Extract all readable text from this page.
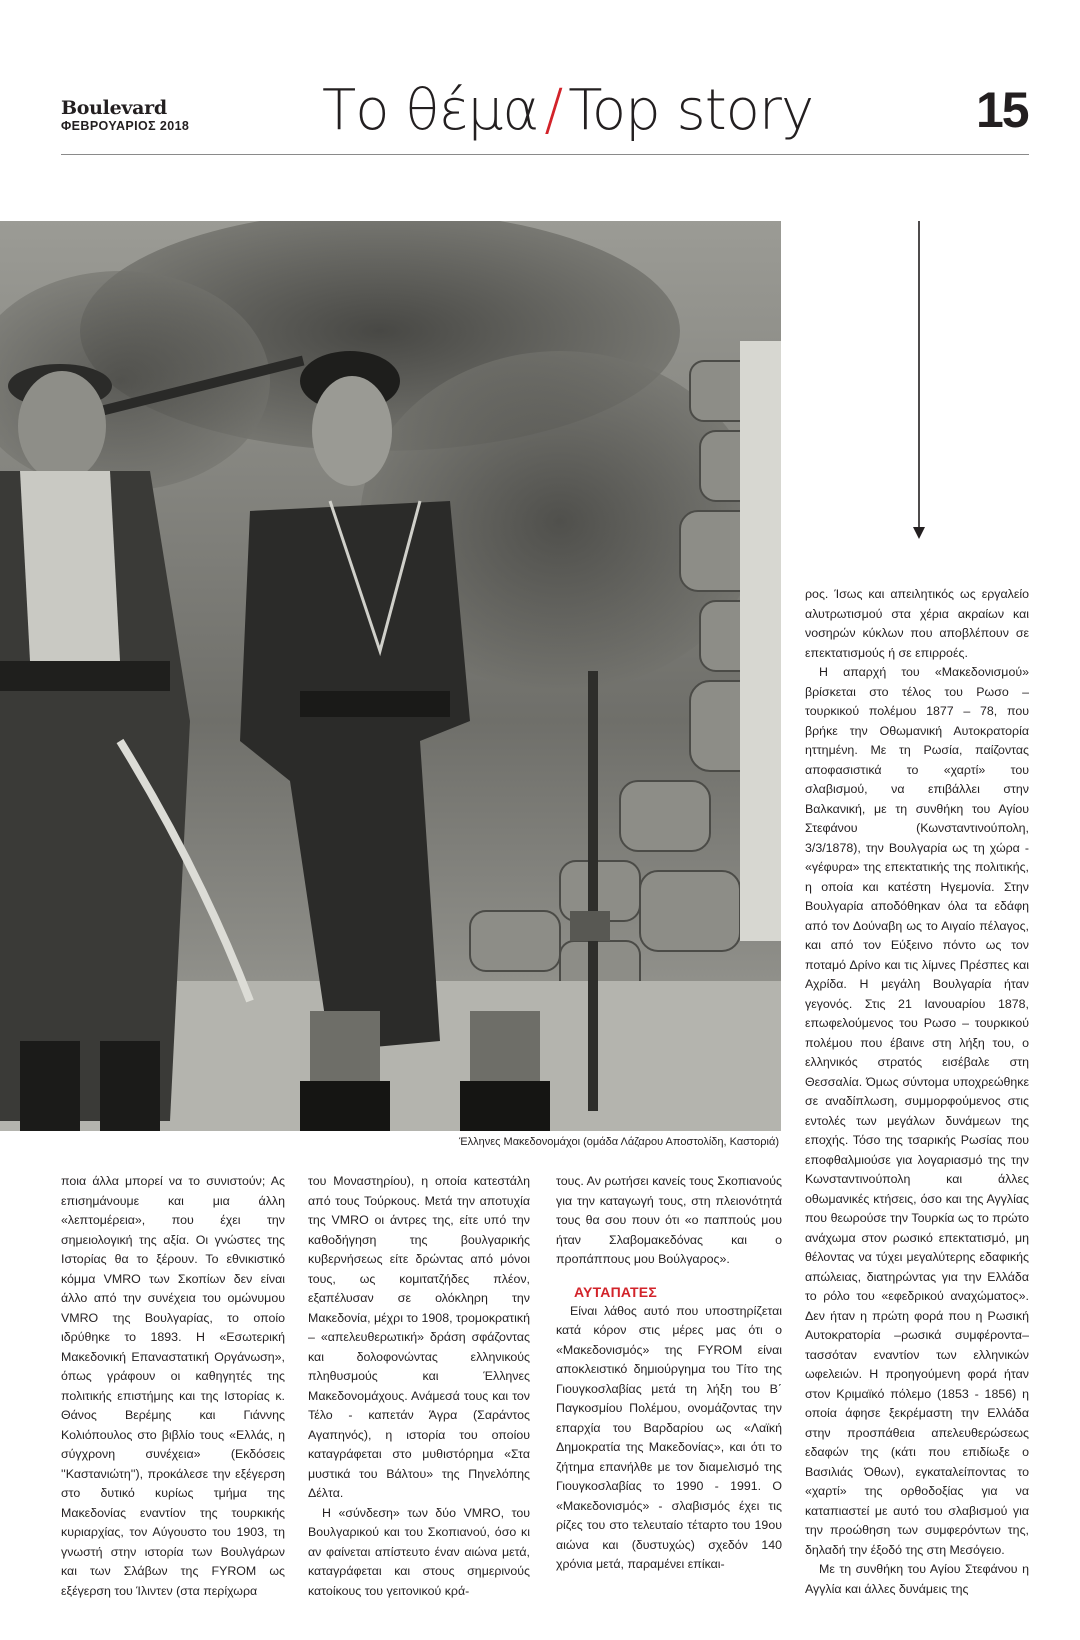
Boulevard
ΦΕΒΡΟΥΑΡΙΟΣ 2018	Το θέμα / Top story	15
Έλληνες Μακεδονομάχοι (ομάδα Λάζαρου Αποστολίδη, Καστοριά)

ποια άλλα μπορεί να το συνιστούν; Ας επισημάνουμε και μια άλλη «λεπτομέρεια», που έχει την σημειολογική της αξία. Οι γνώστες της Ιστορίας θα το ξέρουν. Το εθνικιστικό κόμμα VMRO των Σκοπίων δεν είναι άλλο από την συνέχεια του ομώνυμου VMRO της Βουλγαρίας, το οποίο ιδρύθηκε το 1893. Η «Εσωτερική Μακεδονική Επαναστατική Οργάνωση», όπως γράφουν οι καθηγητές της πολιτικής επιστήμης και της Ιστορίας κ. Θάνος Βερέμης και Γιάννης Κολιόπουλος στο βιβλίο τους «Ελλάς, η σύγχρονη συνέχεια» (Εκδόσεις ''Καστανιώτη''), προκάλεσε την εξέγερση στο δυτικό κυρίως τμήμα της Μακεδονίας εναντίον της τουρκικής κυριαρχίας, τον Αύγουστο του 1903, τη γνωστή στην ιστορία των Βουλγάρων και των Σλάβων της FYROM ως εξέγερση του Ίλιντεν (στα περίχωρα

του Μοναστηρίου), η οποία κατεστάλη από τους Τούρκους. Μετά την αποτυχία της VMRO οι άντρες της, είτε υπό την καθοδήγηση της βουλγαρικής κυβερνήσεως είτε δρώντας από μόνοι τους, ως κομιτατζήδες πλέον, εξαπέλυσαν σε ολόκληρη την Μακεδονία, μέχρι το 1908, τρομοκρατική – «απελευθερωτική» δράση σφάζοντας και δολοφονώντας ελληνικούς πληθυσμούς και Έλληνες Μακεδονομάχους. Ανάμεσά τους και τον Τέλο - καπετάν Άγρα (Σαράντος Αγαπηνός), η ιστορία του οποίου καταγράφεται στο μυθιστόρημα «Στα μυστικά του Βάλτου» της Πηνελόπης Δέλτα.

Η «σύνδεση» των δύο VMRO, του Βουλγαρικού και του Σκοπιανού, όσο κι αν φαίνεται απίστευτο έναν αιώνα μετά, καταγράφεται και στους σημερινούς κατοίκους του γειτονικού κρά-

τους. Αν ρωτήσει κανείς τους Σκοπιανούς για την καταγωγή τους, στη πλειονότητά τους θα σου πουν ότι «ο παππούς μου ήταν Σλαβομακεδόνας και ο προπάππους μου Βούλγαρος».

ΑΥΤΑΠΑΤΕΣ

Είναι λάθος αυτό που υποστηρίζεται κατά κόρον στις μέρες μας ότι ο «Μακεδονισμός» της FYROM είναι αποκλειστικό δημιούργημα του Τίτο της Γιουγκοσλαβίας μετά τη λήξη του Β΄ Παγκοσμίου Πολέμου, ονομάζοντας την επαρχία του Βαρδαρίου ως «Λαϊκή Δημοκρατία της Μακεδονίας», και ότι το ζήτημα επανήλθε με τον διαμελισμό της Γιουγκοσλαβίας το 1990 - 1991. Ο «Μακεδονισμός» - σλαβισμός έχει τις ρίζες του στο τελευταίο τέταρτο του 19ου αιώνα και (δυστυχώς) σχεδόν 140 χρόνια μετά, παραμένει επίκαι-

ρος. Ίσως και απειλητικός ως εργαλείο αλυτρωτισμού στα χέρια ακραίων και νοσηρών κύκλων που αποβλέπουν σε επεκτατισμούς ή σε επιρροές.

Η απαρχή του «Μακεδονισμού» βρίσκεται στο τέλος του Ρωσο – τουρκικού πολέμου 1877 – 78, που βρήκε την Οθωμανική Αυτοκρατορία ηττημένη. Με τη Ρωσία, παίζοντας αποφασιστικά το «χαρτί» του σλαβισμού, να επιβάλλει στην Βαλκανική, με τη συνθήκη του Αγίου Στεφάνου (Κωνσταντινούπολη, 3/3/1878), την Βουλγαρία ως τη χώρα - «γέφυρα» της επεκτατικής της πολιτικής, η οποία και κατέστη Ηγεμονία. Στην Βουλγαρία αποδόθηκαν όλα τα εδάφη από τον Δούναβη ως το Αιγαίο πέλαγος, και από τον Εύξεινο πόντο ως τον ποταμό Δρίνο και τις λίμνες Πρέσπες και Αχρίδα. Η μεγάλη Βουλγαρία ήταν γεγονός. Στις 21 Ιανουαρίου 1878, επωφελούμενος του Ρωσο – τουρκικού πολέμου που έβαινε στη λήξη του, ο ελληνικός στρατός εισέβαλε στη Θεσσαλία. Όμως σύντομα υποχρεώθηκε σε αναδίπλωση, συμμορφούμενος στις εντολές των μεγάλων δυνάμεων της εποχής. Τόσο της τσαρικής Ρωσίας που εποφθαλμιούσε για λογαριασμό της την Κωνσταντινούπολη και άλλες οθωμανικές κτήσεις, όσο και της Αγγλίας που θεωρούσε την Τουρκία ως το πρώτο ανάχωμα στον ρωσικό επεκτατισμό, μη θέλοντας να τύχει μεγαλύτερης εδαφικής απώλειας, διατηρώντας για την Ελλάδα το ρόλο του «εφεδρικού αναχώματος». Δεν ήταν η πρώτη φορά που η Ρωσική Αυτοκρατορία –ρωσικά συμφέροντα– τασσόταν εναντίον των ελληνικών ωφελειών. Η προηγούμενη φορά ήταν στον Κριμαϊκό πόλεμο (1853 - 1856) η οποία άφησε ξεκρέμαστη την Ελλάδα στην προσπάθεια απελευθερώσεως εδαφών της (κάτι που επιδίωξε ο Βασιλιάς Όθων), εγκαταλείποντας το «χαρτί» της ορθοδοξίας για να καταπιαστεί με αυτό του σλαβισμού για την προώθηση των συμφερόντων της, δηλαδή την έξοδό της στη Μεσόγειο.

Με τη συνθήκη του Αγίου Στεφάνου η Αγγλία και άλλες δυνάμεις της
